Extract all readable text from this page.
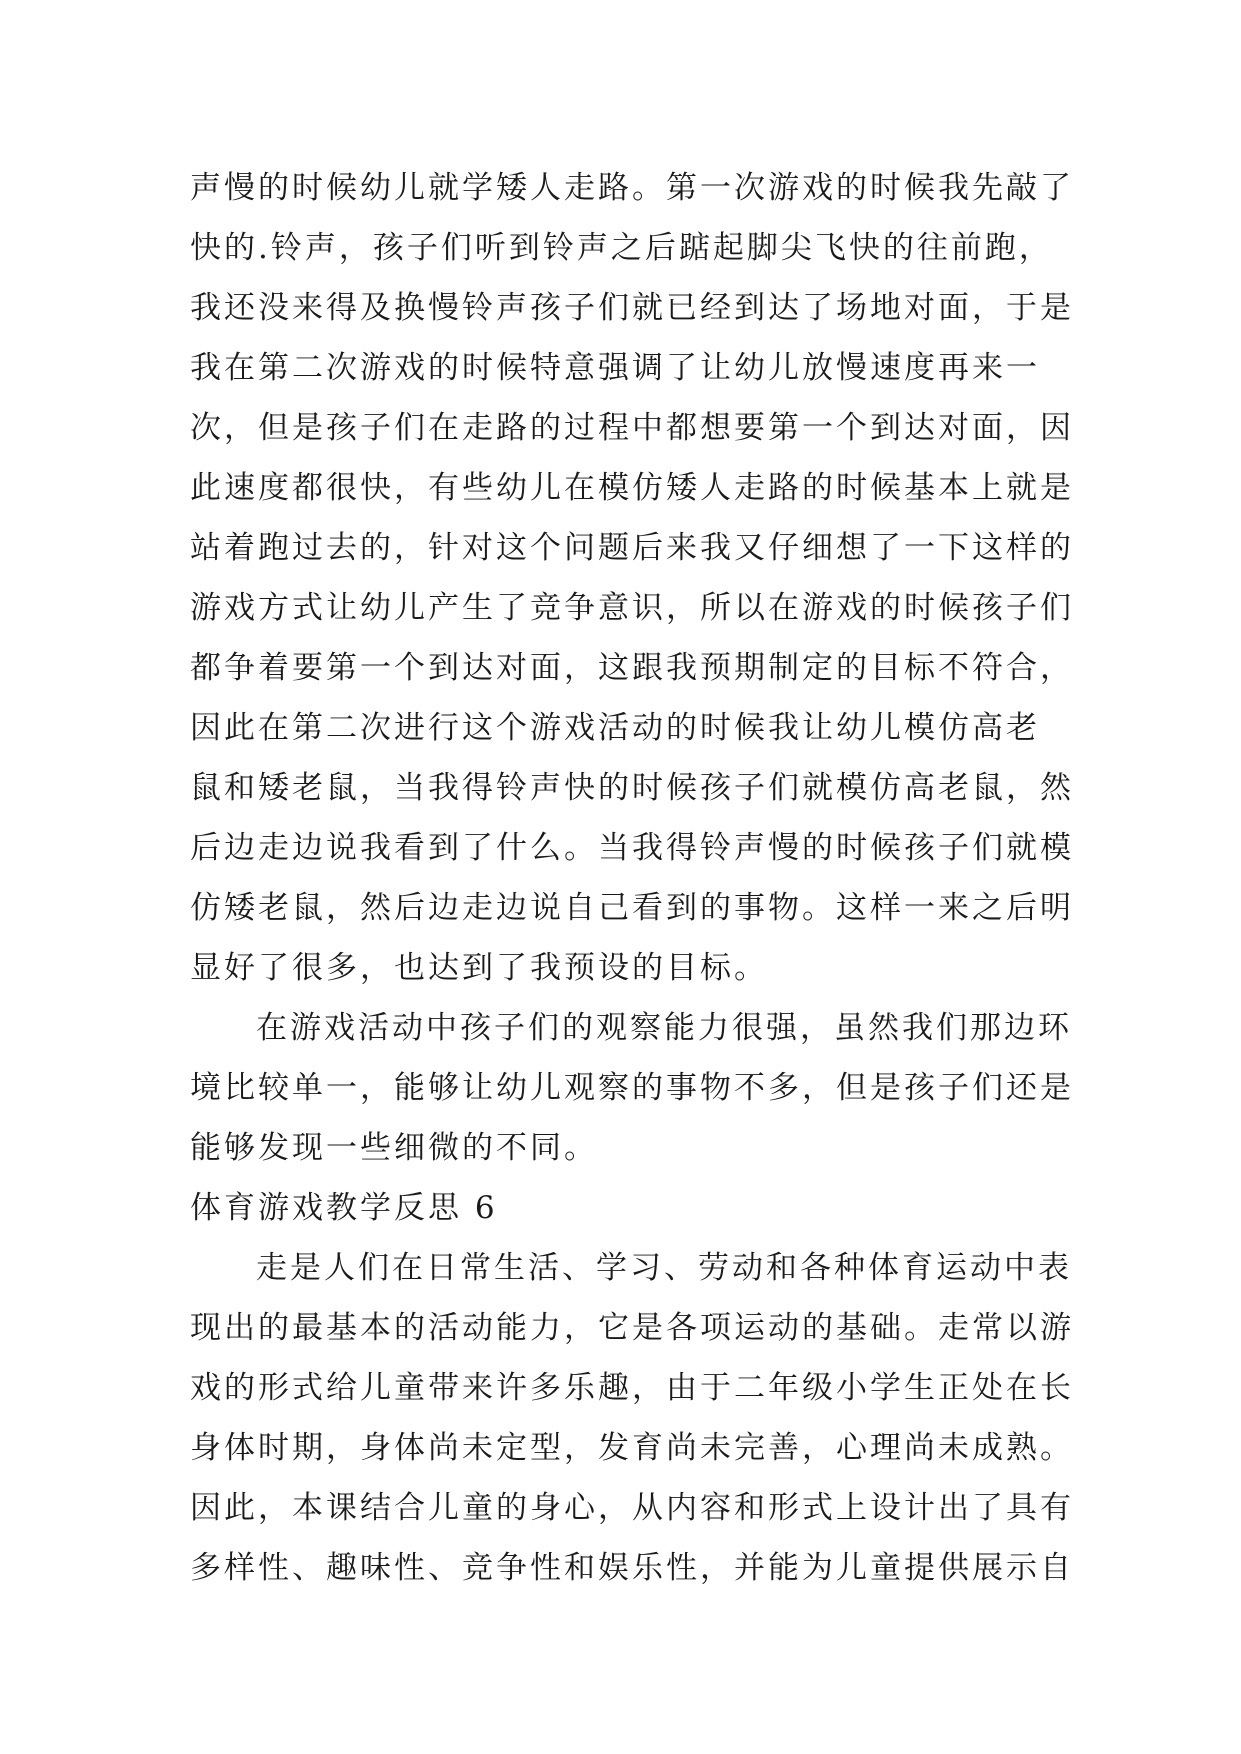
声慢的时候幼儿就学矮人走路。第一次游戏的时候我先敲了
快的.铃声，孩子们听到铃声之后踮起脚尖飞快的往前跑，
我还没来得及换慢铃声孩子们就已经到达了场地对面，于是
我在第二次游戏的时候特意强调了让幼儿放慢速度再来一
次，但是孩子们在走路的过程中都想要第一个到达对面，因
此速度都很快，有些幼儿在模仿矮人走路的时候基本上就是
站着跑过去的，针对这个问题后来我又仔细想了一下这样的
游戏方式让幼儿产生了竞争意识，所以在游戏的时候孩子们
都争着要第一个到达对面，这跟我预期制定的目标不符合，
因此在第二次进行这个游戏活动的时候我让幼儿模仿高老
鼠和矮老鼠，当我得铃声快的时候孩子们就模仿高老鼠，然
后边走边说我看到了什么。当我得铃声慢的时候孩子们就模
仿矮老鼠，然后边走边说自己看到的事物。这样一来之后明
显好了很多，也达到了我预设的目标。
在游戏活动中孩子们的观察能力很强，虽然我们那边环
境比较单一，能够让幼儿观察的事物不多，但是孩子们还是
能够发现一些细微的不同。
体育游戏教学反思 6
走是人们在日常生活、学习、劳动和各种体育运动中表
现出的最基本的活动能力，它是各项运动的基础。走常以游
戏的形式给儿童带来许多乐趣，由于二年级小学生正处在长
身体时期，身体尚未定型，发育尚未完善，心理尚未成熟。
因此，本课结合儿童的身心，从内容和形式上设计出了具有
多样性、趣味性、竞争性和娱乐性，并能为儿童提供展示自
